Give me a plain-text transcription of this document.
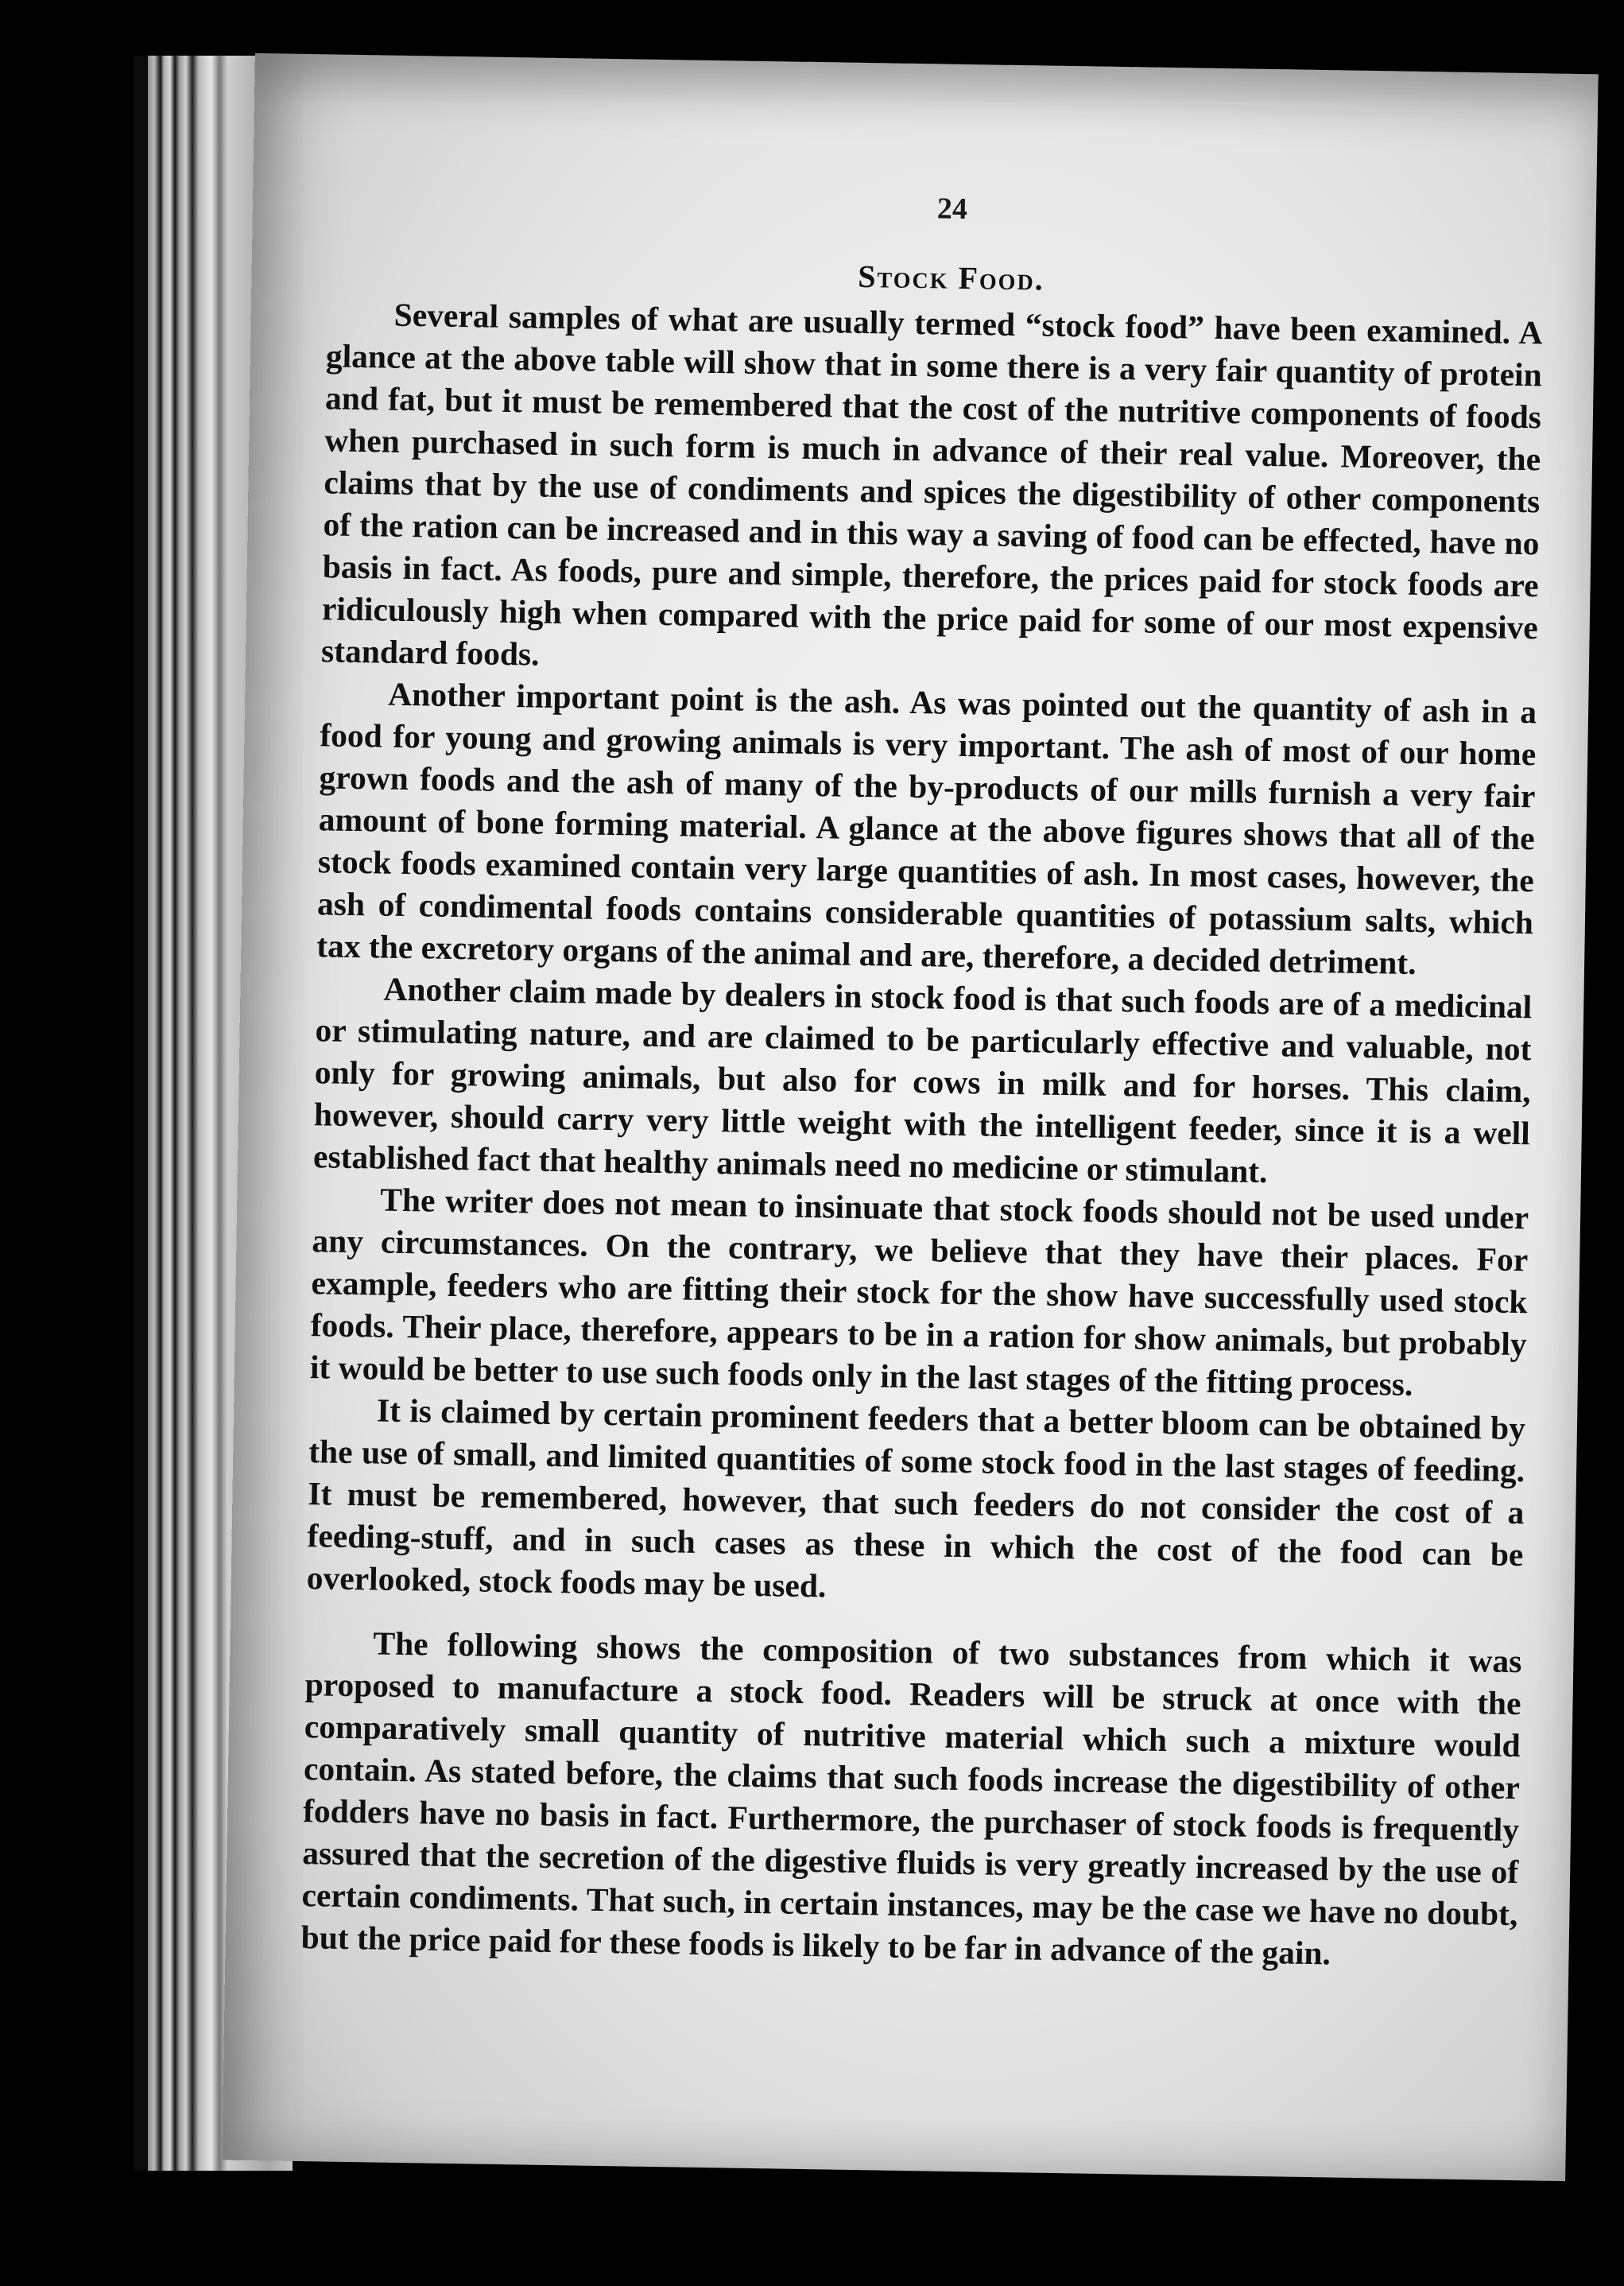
24
Stock Food.

Several samples of what are usually termed “stock food” have been examined. A glance at the above table will show that in some there is a very fair quantity of protein and fat, but it must be remembered that the cost of the nutritive components of foods when purchased in such form is much in advance of their real value. Moreover, the claims that by the use of condiments and spices the digestibility of other components of the ration can be increased and in this way a saving of food can be effected, have no basis in fact. As foods, pure and simple, therefore, the prices paid for stock foods are ridiculously high when compared with the price paid for some of our most expensive standard foods.

Another important point is the ash. As was pointed out the quantity of ash in a food for young and growing animals is very important. The ash of most of our home grown foods and the ash of many of the by-products of our mills furnish a very fair amount of bone forming material. A glance at the above figures shows that all of the stock foods examined contain very large quantities of ash. In most cases, however, the ash of condimental foods contains considerable quantities of potassium salts, which tax the excretory organs of the animal and are, therefore, a decided detriment.

Another claim made by dealers in stock food is that such foods are of a medicinal or stimulating nature, and are claimed to be particularly effective and valuable, not only for growing animals, but also for cows in milk and for horses. This claim, however, should carry very little weight with the intelligent feeder, since it is a well established fact that healthy animals need no medicine or stimulant.

The writer does not mean to insinuate that stock foods should not be used under any circumstances. On the contrary, we believe that they have their places. For example, feeders who are fitting their stock for the show have successfully used stock foods. Their place, therefore, appears to be in a ration for show animals, but probably it would be better to use such foods only in the last stages of the fitting process.

It is claimed by certain prominent feeders that a better bloom can be obtained by the use of small, and limited quantities of some stock food in the last stages of feeding. It must be remembered, however, that such feeders do not consider the cost of a feeding-stuff, and in such cases as these in which the cost of the food can be overlooked, stock foods may be used.

The following shows the composition of two substances from which it was proposed to manufacture a stock food. Readers will be struck at once with the comparatively small quantity of nutritive material which such a mixture would contain. As stated before, the claims that such foods increase the digestibility of other fodders have no basis in fact. Furthermore, the purchaser of stock foods is frequently assured that the secretion of the digestive fluids is very greatly increased by the use of certain condiments. That such, in certain instances, may be the case we have no doubt, but the price paid for these foods is likely to be far in advance of the gain.
